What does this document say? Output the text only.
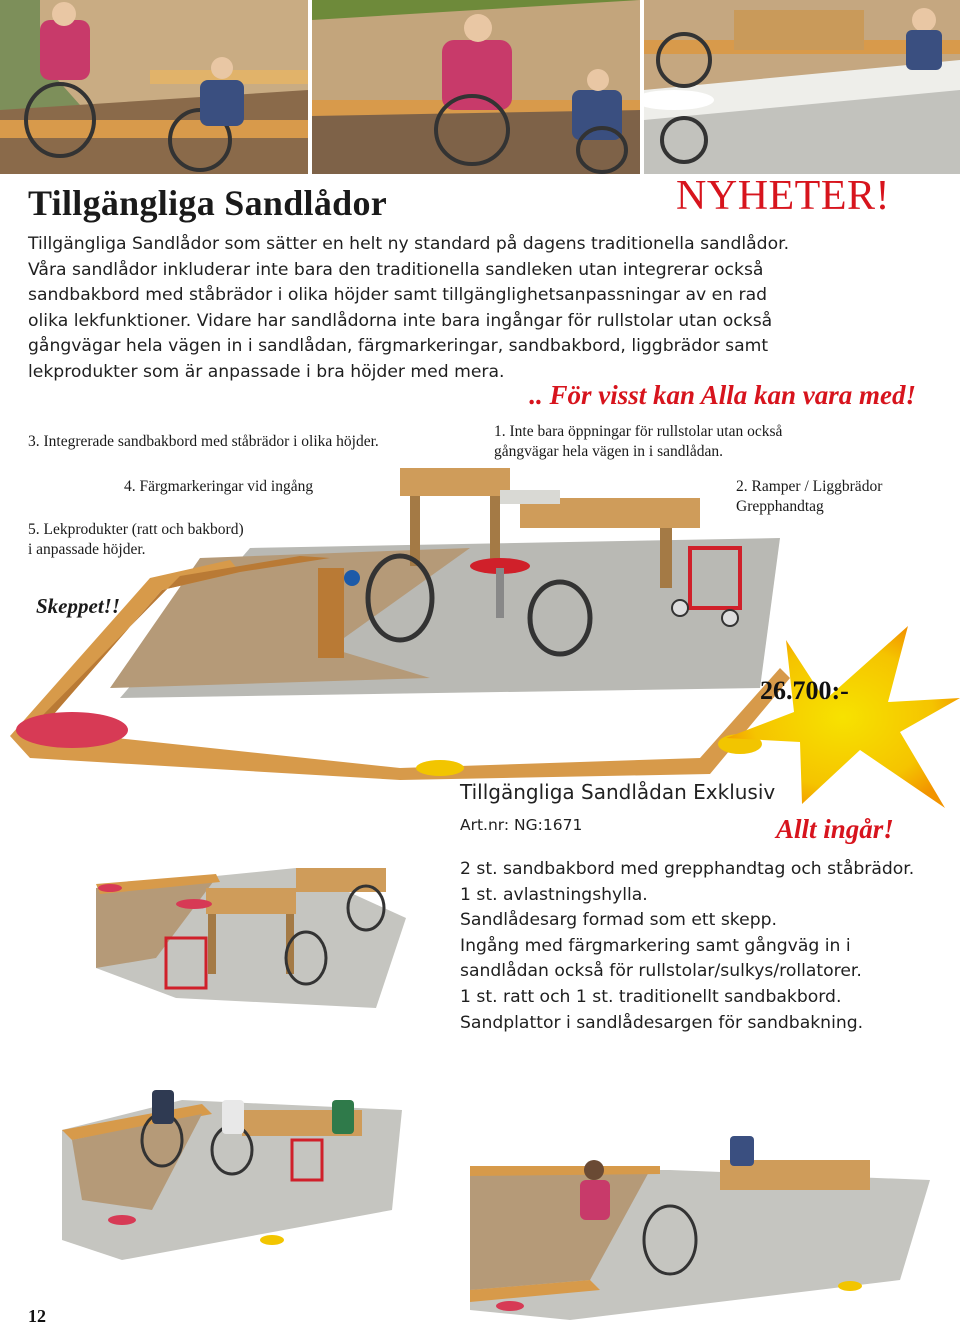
Tillgängliga Sandlådor	NYHETER!

Tillgängliga Sandlådor som sätter en helt ny standard på dagens traditionella sandlådor.

Våra sandlådor inkluderar inte bara den traditionella sandleken utan integrerar också

sandbakbord med ståbrädor i olika höjder samt tillgänglighetsanpassningar av en rad

olika lekfunktioner. Vidare har sandlådorna inte bara ingångar för rullstolar utan också

gångvägar hela vägen in i sandlådan, färgmarkeringar, sandbakbord, liggbrädor samt

lekprodukter som är anpassade i bra höjder med mera.

.. För visst kan Alla kan vara med!
3. Integrerade sandbakbord med ståbrädor i olika höjder.
1. Inte bara öppningar för rullstolar utan också
gångvägar hela vägen in i sandlådan.
4. Färgmarkeringar vid ingång	2. Ramper / Liggbrädor
Grepphandtag
5. Lekprodukter (ratt och bakbord)
i anpassade höjder.
Skeppet!!
26.700:-
Tillgängliga Sandlådan Exklusiv
Art.nr: NG:1671	Allt ingår!
2 st. sandbakbord med grepphandtag och ståbrädor.
1 st. avlastningshylla.
Sandlådesarg formad som ett skepp.
Ingång med färgmarkering samt gångväg in i
sandlådan också för rullstolar/sulkys/rollatorer.
1 st. ratt och 1 st. traditionellt sandbakbord.
Sandplattor i sandlådesargen för sandbakning.
12
